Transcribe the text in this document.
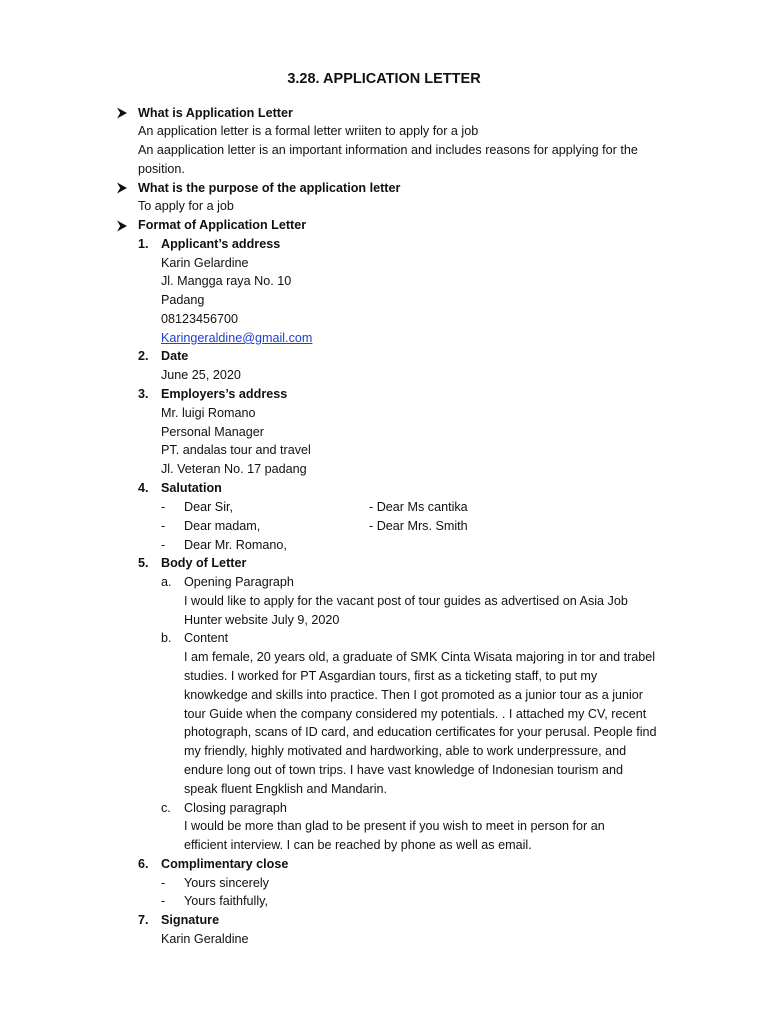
3.28. APPLICATION LETTER
What is Application Letter
An application letter is a formal letter wriiten to apply for a job
An aapplication letter is an important information and includes reasons for applying for the
position.
What is the purpose of the application letter
To apply for a job
Format of Application Letter
1. Applicant’s address
Karin Gelardine
Jl. Mangga raya No. 10
Padang
08123456700
Karingeraldine@gmail.com
2. Date
June 25, 2020
3. Employers’s address
Mr. luigi Romano
Personal Manager
PT. andalas tour and travel
Jl. Veteran No. 17 padang
4. Salutation
- Dear Sir,	- Dear Ms cantika
- Dear madam,	- Dear Mrs. Smith
- Dear Mr. Romano,
5. Body of Letter
a. Opening Paragraph
I would like to apply for the vacant post of tour guides as advertised on Asia Job
Hunter website July 9, 2020
b. Content
I am female, 20 years old, a graduate of SMK Cinta Wisata majoring in tor and trabel
studies. I worked for PT Asgardian tours, first as a ticketing staff, to put my
knowkedge and skills into practice. Then I got promoted as a junior tour as a junior
tour Guide when the company considered my potentials. . I attached my CV, recent
photograph, scans of ID card, and education certificates for your perusal. People find
my friendly, highly motivated and hardworking, able to work underpressure, and
endure long out of town trips. I have vast knowledge of Indonesian tourism and
speak fluent Engklish and Mandarin.
c. Closing paragraph
I would be more than glad to be present if you wish to meet in person for an
efficient interview. I can be reached by phone as well as email.
6. Complimentary close
- Yours sincerely
- Yours faithfully,
7. Signature
Karin Geraldine
